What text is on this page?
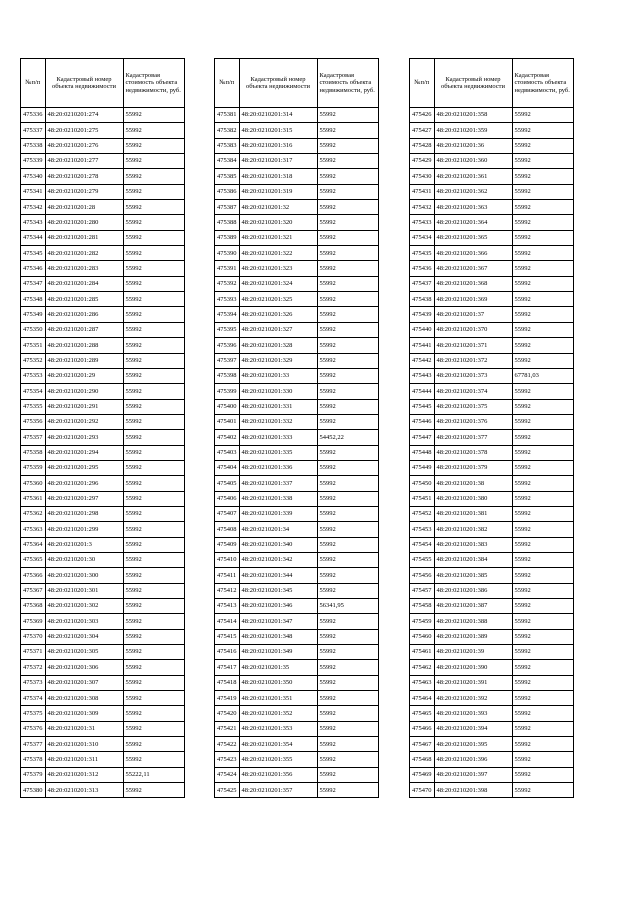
№п/п	Кадастровый номер объекта недвижимости	Кадастровая стоимость объекта недвижимости, руб.
475336	48:20:0210201:274	55992
475337	48:20:0210201:275	55992
475338	48:20:0210201:276	55992
475339	48:20:0210201:277	55992
475340	48:20:0210201:278	55992
475341	48:20:0210201:279	55992
475342	48:20:0210201:28	55992
475343	48:20:0210201:280	55992
475344	48:20:0210201:281	55992
475345	48:20:0210201:282	55992
475346	48:20:0210201:283	55992
475347	48:20:0210201:284	55992
475348	48:20:0210201:285	55992
475349	48:20:0210201:286	55992
475350	48:20:0210201:287	55992
475351	48:20:0210201:288	55992
475352	48:20:0210201:289	55992
475353	48:20:0210201:29	55992
475354	48:20:0210201:290	55992
475355	48:20:0210201:291	55992
475356	48:20:0210201:292	55992
475357	48:20:0210201:293	55992
475358	48:20:0210201:294	55992
475359	48:20:0210201:295	55992
475360	48:20:0210201:296	55992
475361	48:20:0210201:297	55992
475362	48:20:0210201:298	55992
475363	48:20:0210201:299	55992
475364	48:20:0210201:3	55992
475365	48:20:0210201:30	55992
475366	48:20:0210201:300	55992
475367	48:20:0210201:301	55992
475368	48:20:0210201:302	55992
475369	48:20:0210201:303	55992
475370	48:20:0210201:304	55992
475371	48:20:0210201:305	55992
475372	48:20:0210201:306	55992
475373	48:20:0210201:307	55992
475374	48:20:0210201:308	55992
475375	48:20:0210201:309	55992
475376	48:20:0210201:31	55992
475377	48:20:0210201:310	55992
475378	48:20:0210201:311	55992
475379	48:20:0210201:312	55222,11
475380	48:20:0210201:313	55992
№п/п	Кадастровый номер объекта недвижимости	Кадастровая стоимость объекта недвижимости, руб.
475381	48:20:0210201:314	55992
475382	48:20:0210201:315	55992
475383	48:20:0210201:316	55992
475384	48:20:0210201:317	55992
475385	48:20:0210201:318	55992
475386	48:20:0210201:319	55992
475387	48:20:0210201:32	55992
475388	48:20:0210201:320	55992
475389	48:20:0210201:321	55992
475390	48:20:0210201:322	55992
475391	48:20:0210201:323	55992
475392	48:20:0210201:324	55992
475393	48:20:0210201:325	55992
475394	48:20:0210201:326	55992
475395	48:20:0210201:327	55992
475396	48:20:0210201:328	55992
475397	48:20:0210201:329	55992
475398	48:20:0210201:33	55992
475399	48:20:0210201:330	55992
475400	48:20:0210201:331	55992
475401	48:20:0210201:332	55992
475402	48:20:0210201:333	54452,22
475403	48:20:0210201:335	55992
475404	48:20:0210201:336	55992
475405	48:20:0210201:337	55992
475406	48:20:0210201:338	55992
475407	48:20:0210201:339	55992
475408	48:20:0210201:34	55992
475409	48:20:0210201:340	55992
475410	48:20:0210201:342	55992
475411	48:20:0210201:344	55992
475412	48:20:0210201:345	55992
475413	48:20:0210201:346	56341,95
475414	48:20:0210201:347	55992
475415	48:20:0210201:348	55992
475416	48:20:0210201:349	55992
475417	48:20:0210201:35	55992
475418	48:20:0210201:350	55992
475419	48:20:0210201:351	55992
475420	48:20:0210201:352	55992
475421	48:20:0210201:353	55992
475422	48:20:0210201:354	55992
475423	48:20:0210201:355	55992
475424	48:20:0210201:356	55992
475425	48:20:0210201:357	55992
№п/п	Кадастровый номер объекта недвижимости	Кадастровая стоимость объекта недвижимости, руб.
475426	48:20:0210201:358	55992
475427	48:20:0210201:359	55992
475428	48:20:0210201:36	55992
475429	48:20:0210201:360	55992
475430	48:20:0210201:361	55992
475431	48:20:0210201:362	55992
475432	48:20:0210201:363	55992
475433	48:20:0210201:364	55992
475434	48:20:0210201:365	55992
475435	48:20:0210201:366	55992
475436	48:20:0210201:367	55992
475437	48:20:0210201:368	55992
475438	48:20:0210201:369	55992
475439	48:20:0210201:37	55992
475440	48:20:0210201:370	55992
475441	48:20:0210201:371	55992
475442	48:20:0210201:372	55992
475443	48:20:0210201:373	67781,03
475444	48:20:0210201:374	55992
475445	48:20:0210201:375	55992
475446	48:20:0210201:376	55992
475447	48:20:0210201:377	55992
475448	48:20:0210201:378	55992
475449	48:20:0210201:379	55992
475450	48:20:0210201:38	55992
475451	48:20:0210201:380	55992
475452	48:20:0210201:381	55992
475453	48:20:0210201:382	55992
475454	48:20:0210201:383	55992
475455	48:20:0210201:384	55992
475456	48:20:0210201:385	55992
475457	48:20:0210201:386	55992
475458	48:20:0210201:387	55992
475459	48:20:0210201:388	55992
475460	48:20:0210201:389	55992
475461	48:20:0210201:39	55992
475462	48:20:0210201:390	55992
475463	48:20:0210201:391	55992
475464	48:20:0210201:392	55992
475465	48:20:0210201:393	55992
475466	48:20:0210201:394	55992
475467	48:20:0210201:395	55992
475468	48:20:0210201:396	55992
475469	48:20:0210201:397	55992
475470	48:20:0210201:398	55992
